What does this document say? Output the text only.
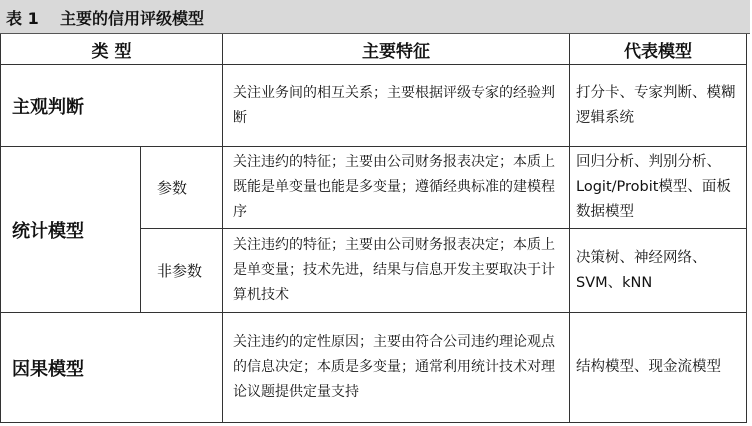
表 1 主要的信用评级模型
类 型		主要特征	代表模型
主观判断		关注业务间的相互关系；主要根据评级专家的经验判断	打分卡、专家判断、模糊逻辑系统
统计模型	参数	关注违约的特征；主要由公司财务报表决定；本质上既能是单变量也能是多变量；遵循经典标准的建模程序	回归分析、判别分析、Logit/Probit模型、面板数据模型
	非参数	关注违约的特征；主要由公司财务报表决定；本质上是单变量；技术先进，结果与信息开发主要取决于计算机技术	决策树、神经网络、SVM、kNN
因果模型		关注违约的定性原因；主要由符合公司违约理论观点的信息决定；本质是多变量；通常利用统计技术对理论议题提供定量支持	结构模型、现金流模型
